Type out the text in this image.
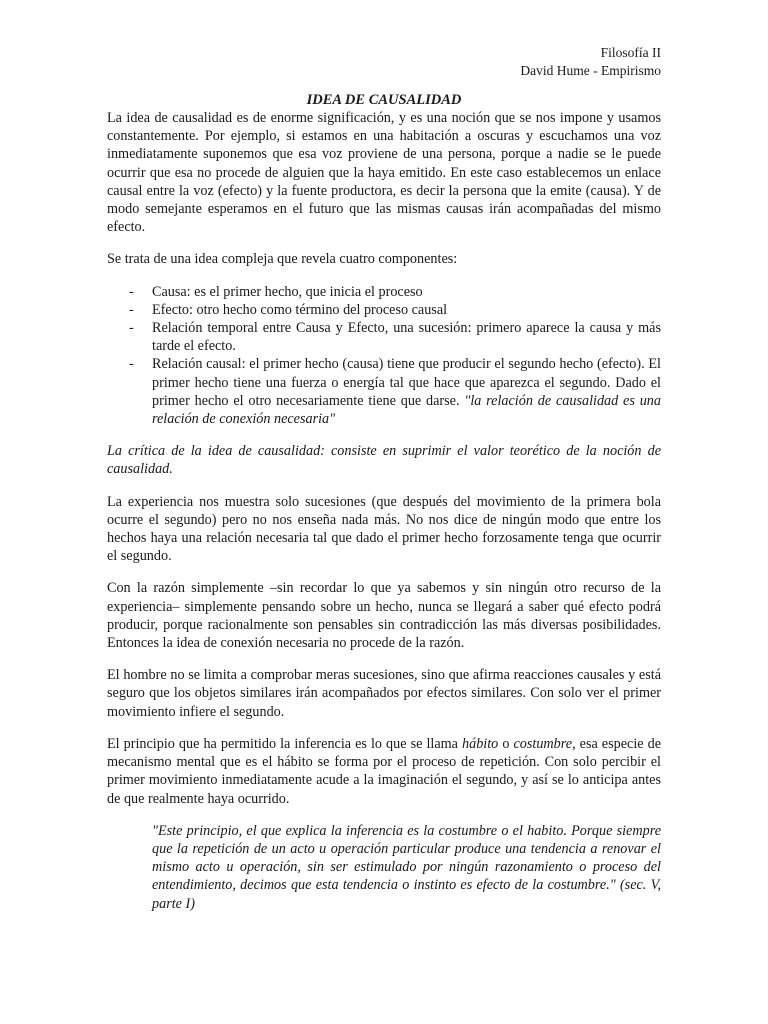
Filosofía II
David Hume - Empirismo
IDEA DE CAUSALIDAD

La idea de causalidad es de enorme significación, y es una noción que se nos impone y usamos constantemente. Por ejemplo, si estamos en una habitación a oscuras y escuchamos una voz inmediatamente suponemos que esa voz proviene de una persona, porque a nadie se le puede ocurrir que esa no procede de alguien que la haya emitido. En este caso establecemos un enlace causal entre la voz (efecto) y la fuente productora, es decir la persona que la emite (causa). Y de modo semejante esperamos en el futuro que las mismas causas irán acompañadas del mismo efecto.

Se trata de una idea compleja que revela cuatro componentes:

- Causa: es el primer hecho, que inicia el proceso
- Efecto: otro hecho como término del proceso causal
- Relación temporal entre Causa y Efecto, una sucesión: primero aparece la causa y más tarde el efecto.
- Relación causal: el primer hecho (causa) tiene que producir el segundo hecho (efecto). El primer hecho tiene una fuerza o energía tal que hace que aparezca el segundo. Dado el primer hecho el otro necesariamente tiene que darse. "la relación de causalidad es una relación de conexión necesaria"

La crítica de la idea de causalidad: consiste en suprimir el valor teorético de la noción de causalidad.

La experiencia nos muestra solo sucesiones (que después del movimiento de la primera bola ocurre el segundo) pero no nos enseña nada más. No nos dice de ningún modo que entre los hechos haya una relación necesaria tal que dado el primer hecho forzosamente tenga que ocurrir el segundo.

Con la razón simplemente –sin recordar lo que ya sabemos y sin ningún otro recurso de la experiencia– simplemente pensando sobre un hecho, nunca se llegará a saber qué efecto podrá producir, porque racionalmente son pensables sin contradicción las más diversas posibilidades. Entonces la idea de conexión necesaria no procede de la razón.

El hombre no se limita a comprobar meras sucesiones, sino que afirma reacciones causales y está seguro que los objetos similares irán acompañados por efectos similares. Con solo ver el primer movimiento infiere el segundo.

El principio que ha permitido la inferencia es lo que se llama hábito o costumbre, esa especie de mecanismo mental que es el hábito se forma por el proceso de repetición. Con solo percibir el primer movimiento inmediatamente acude a la imaginación el segundo, y así se lo anticipa antes de que realmente haya ocurrido.

"Este principio, el que explica la inferencia es la costumbre o el habito. Porque siempre que la repetición de un acto u operación particular produce una tendencia a renovar el mismo acto u operación, sin ser estimulado por ningún razonamiento o proceso del entendimiento, decimos que esta tendencia o instinto es efecto de la costumbre." (sec. V, parte I)
